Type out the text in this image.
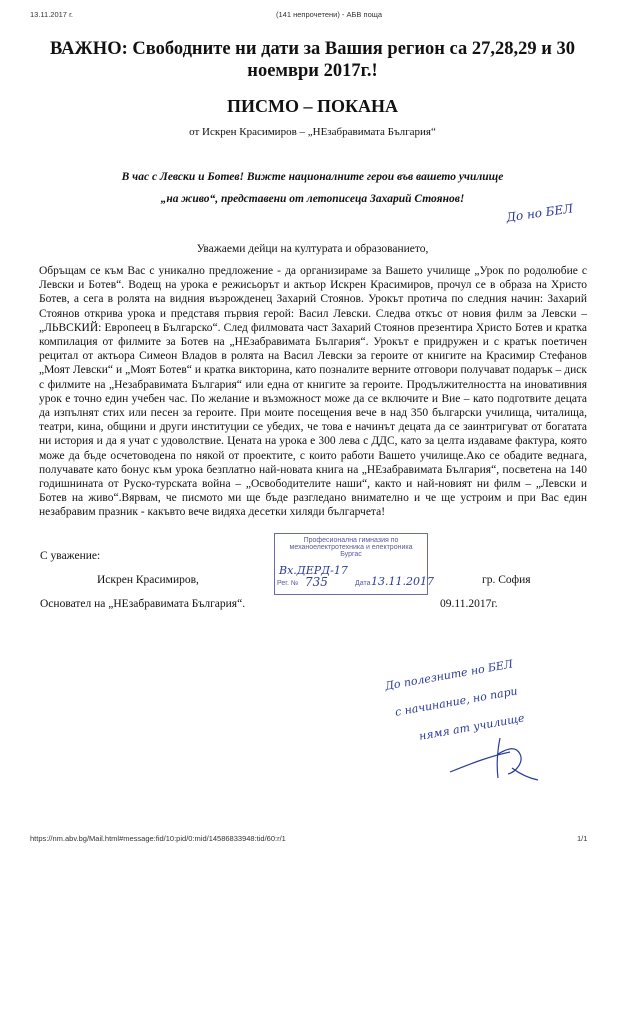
13.11.2017 г.	(141 непрочетени) - АБВ поща
ВАЖНО: Свободните ни дати за Вашия регион са 27,28,29 и 30 ноември 2017г.!
ПИСМО – ПОКАНА
от Искрен Красимиров – „НЕзабравимата България“
В час с Левски и Ботев! Вижте националните герои във вашето училище
„на живо“, представени от летописеца Захарий Стоянов!
До но БЕЛ
Уважаеми дейци на културата и образованието,
Обръщам се към Вас с уникално предложение - да организираме за Вашето училище „Урок по родолюбие с Левски и Ботев“. Водещ на урока е режисьорът и актьор Искрен Красимиров, прочул се в образа на Христо Ботев, а сега в ролята на видния възрожденец Захарий Стоянов. Урокът протича по следния начин: Захарий Стоянов открива урока и представя първия герой: Васил Левски. Следва откъс от новия филм за Левски –„ЛЬВСКИЙ: Европеец в Българско“. След филмовата част Захарий Стоянов презентира Христо Ботев и кратка компилация от филмите за Ботев на „НЕзабравимата България“. Урокът е придружен и с кратък поетичен рецитал от актьора Симеон Владов в ролята на Васил Левски за героите от книгите на Красимир Стефанов „Моят Левски“ и „Моят Ботев“ и кратка викторина, като позналите верните отговори получават подарък – диск с филмите на „Незабравимата България“ или една от книгите за героите. Продължителността на иновативния урок е точно един учебен час. По желание и възможност може да се включите и Вие – като подготвите децата да изпълнят стих или песен за героите. При моите посещения вече в над 350 български училища, читалища, театри, кина, общини и други институции се убедих, че това е начинът децата да се заинтригуват от богатата ни история и да я учат с удоволствие. Цената на урока е 300 лева с ДДС, като за целта издаваме фактура, която може да бъде осчетоводена по някой от проектите, с които работи Вашето училище.Ако се обадите веднага, получавате като бонус към урока безплатно най-новата книга на „НЕзабравимата България“, посветена на 140 годишнината от Руско-турската война – „Освободителите наши“, както и най-новият ни филм – „Левски и Ботев на живо“.Вярвам, че писмото ми ще бъде разгледано внимателно и че ще устроим и при Вас един незабравим празник - какъвто вече видяха десетки хиляди българчета!
С уважение:
Искрен Красимиров,	гр. София
Основател на „НЕзабравимата България“.	09.11.2017г.
Професионална гимназия по
механоелектротехника и електроника
Бургас
Вх.ДЕРД-17
Рег. № 735	Дата 13.11.2017
До полезните но БЕЛ
с начинание, но пари
нямя ат училище
https://nm.abv.bg/Mail.html#message:fid/10:pid/0:mid/14586833948:tid/60:r/1	1/1
